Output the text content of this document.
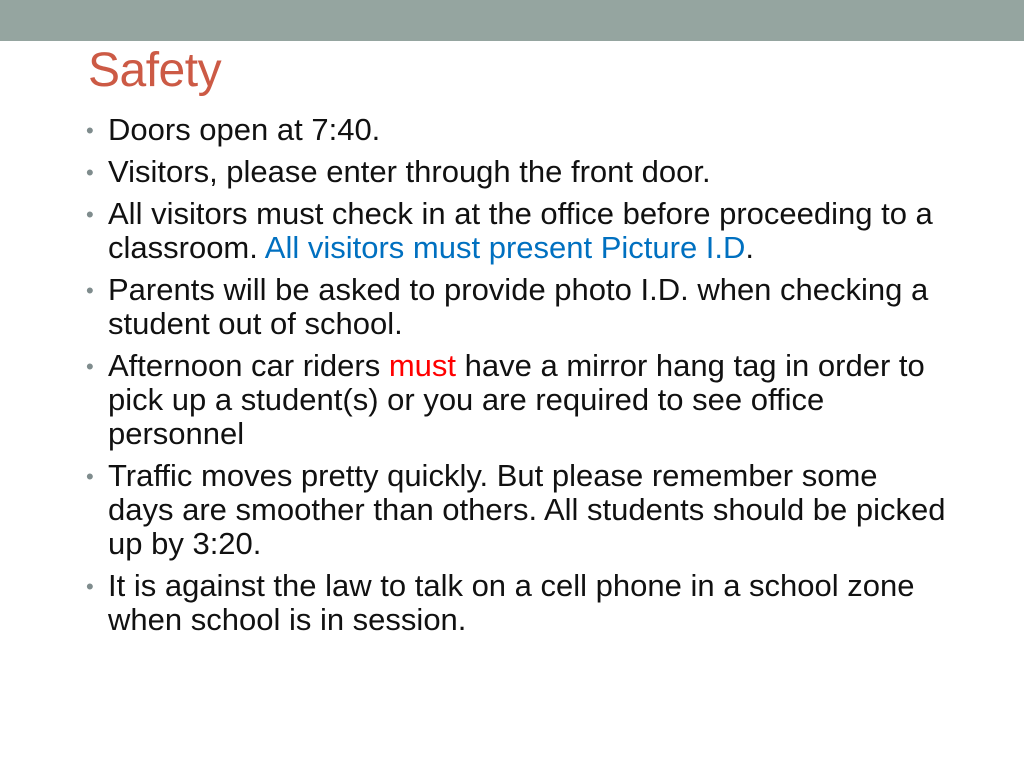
Safety
• Doors open at 7:40.
• Visitors, please enter through the front door.
• All visitors must check in at the office before proceeding to a classroom. All visitors must present Picture I.D.
• Parents will be asked to provide photo I.D. when checking a student out of school.
• Afternoon car riders must have a mirror hang tag in order to pick up a student(s) or you are required to see office personnel
• Traffic moves pretty quickly. But please remember some days are smoother than others. All students should be picked up by 3:20.
• It is against the law to talk on a cell phone in a school zone when school is in session.
